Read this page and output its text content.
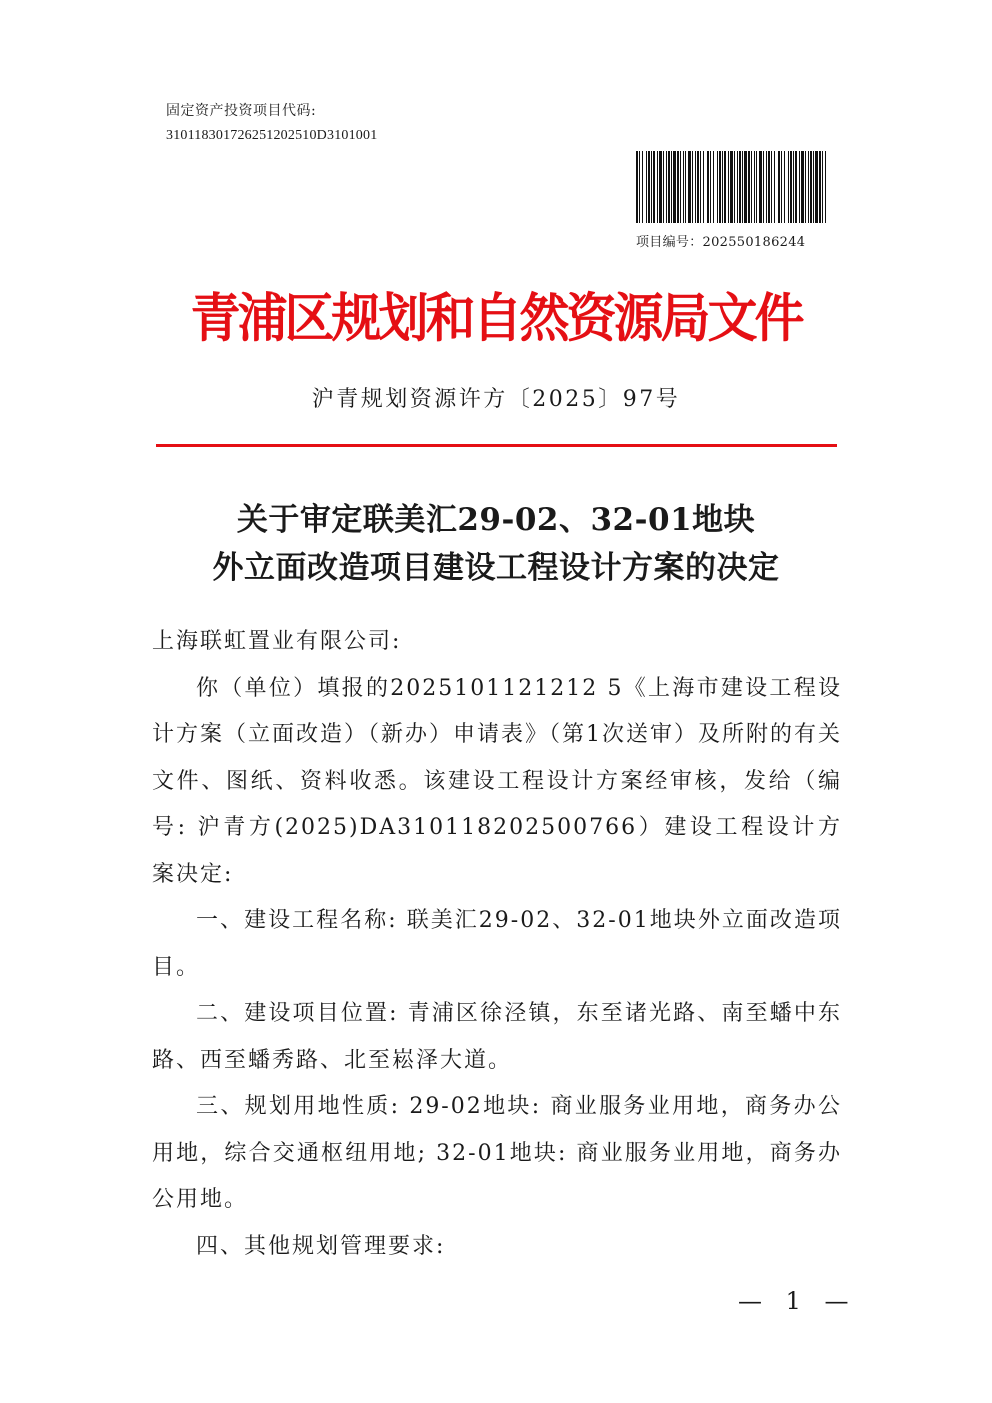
固定资产投资项目代码:
310118301726251202510D3101001
项目编号：202550186244
青浦区规划和自然资源局文件
沪青规划资源许方〔2025〕97号
关于审定联美汇29-02、32-01地块
外立面改造项目建设工程设计方案的决定

上海联虹置业有限公司:

你（单位）填报的2025101121212 5《上海市建设工程设计方案（立面改造）（新办）申请表》（第1次送审）及所附的有关文件、图纸、资料收悉。该建设工程设计方案经审核，发给（编号: 沪青方(2025)DA310118202500766）建设工程设计方案决定:

一、建设工程名称: 联美汇29-02、32-01地块外立面改造项目。

二、建设项目位置: 青浦区徐泾镇，东至诸光路、南至蟠中东路、西至蟠秀路、北至崧泽大道。

三、规划用地性质: 29-02地块: 商业服务业用地，商务办公用地，综合交通枢纽用地; 32-01地块: 商业服务业用地，商务办公用地。

四、其他规划管理要求:

— 1 —
